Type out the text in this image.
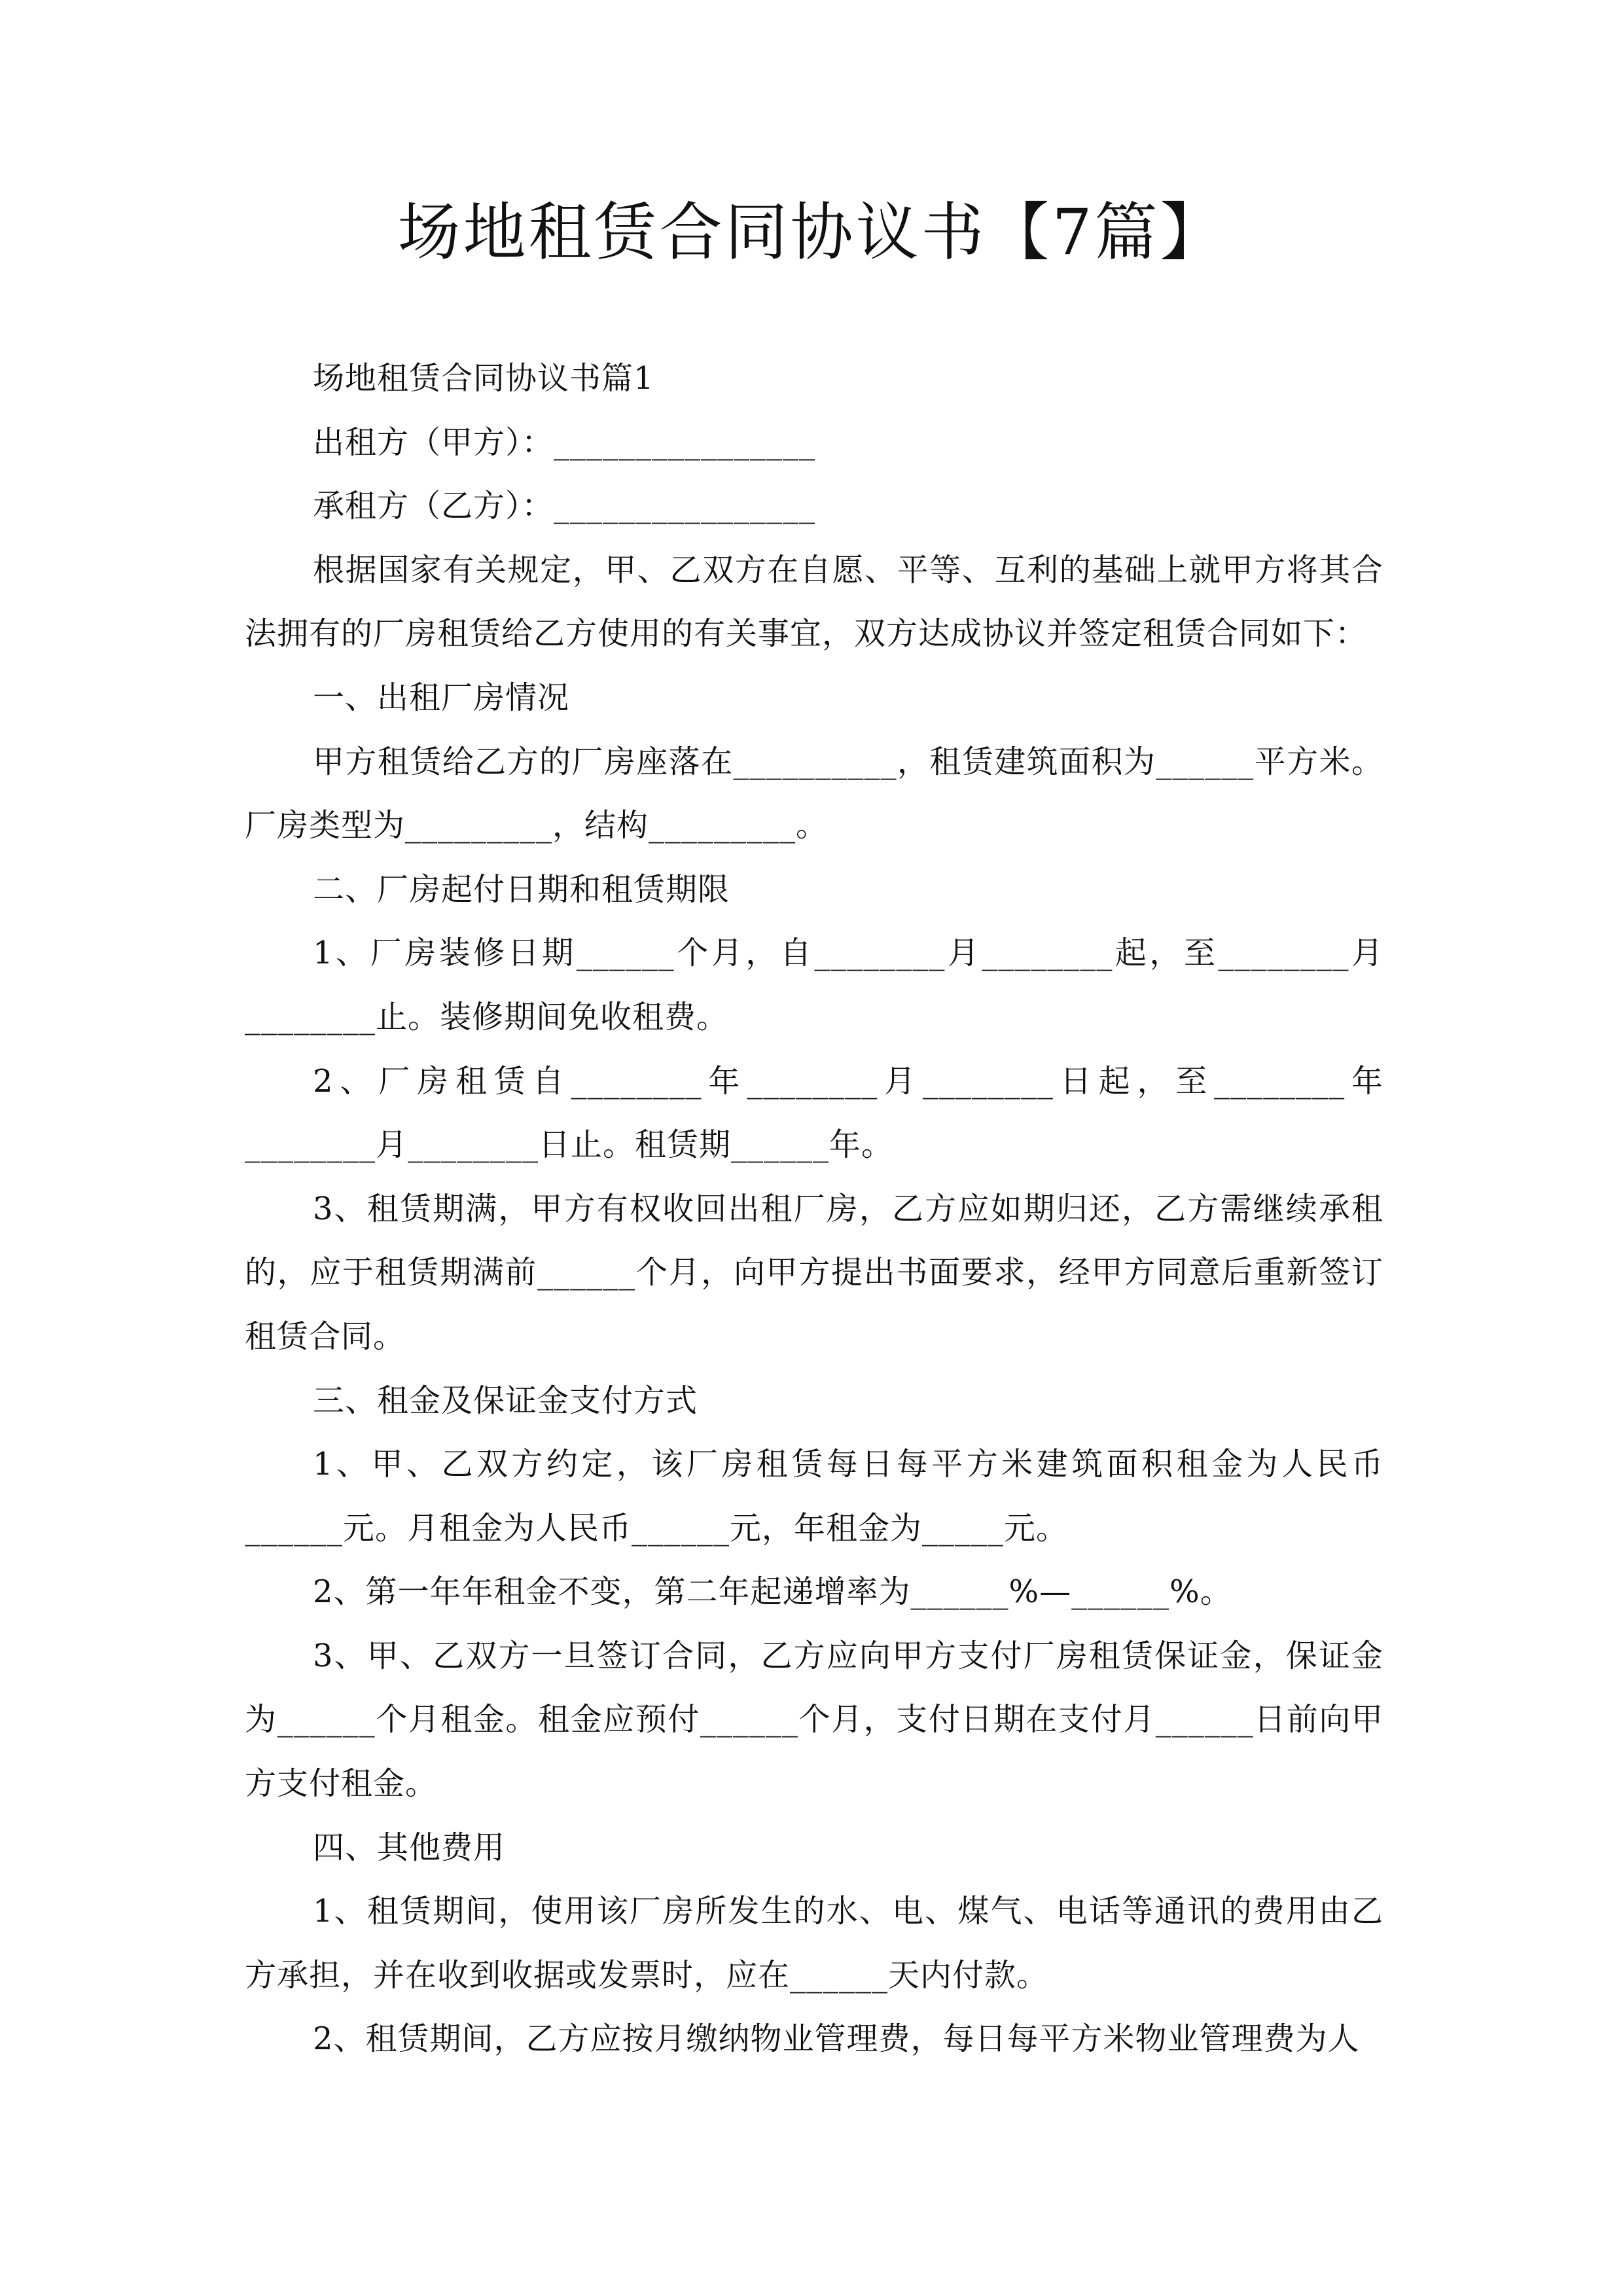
场地租赁合同协议书【7篇】

场地租赁合同协议书篇1

出租方（甲方）：________________

承租方（乙方）：________________

根据国家有关规定，甲、乙双方在自愿、平等、互利的基础上就甲方将其合法拥有的厂房租赁给乙方使用的有关事宜，双方达成协议并签定租赁合同如下：

一、出租厂房情况

甲方租赁给乙方的厂房座落在__________，租赁建筑面积为______平方米。厂房类型为_________，结构_________。

二、厂房起付日期和租赁期限

1、厂房装修日期______个月，自________月________起，至________月________止。装修期间免收租费。

2、厂房租赁自________年________月________日起，至________年________月________日止。租赁期______年。

3、租赁期满，甲方有权收回出租厂房，乙方应如期归还，乙方需继续承租的，应于租赁期满前______个月，向甲方提出书面要求，经甲方同意后重新签订租赁合同。

三、租金及保证金支付方式

1、甲、乙双方约定，该厂房租赁每日每平方米建筑面积租金为人民币______元。月租金为人民币______元，年租金为_____元。

2、第一年年租金不变，第二年起递增率为______%—______%。

3、甲、乙双方一旦签订合同，乙方应向甲方支付厂房租赁保证金，保证金为______个月租金。租金应预付______个月，支付日期在支付月______日前向甲方支付租金。

四、其他费用

1、租赁期间，使用该厂房所发生的水、电、煤气、电话等通讯的费用由乙方承担，并在收到收据或发票时，应在______天内付款。

2、租赁期间，乙方应按月缴纳物业管理费，每日每平方米物业管理费为人
